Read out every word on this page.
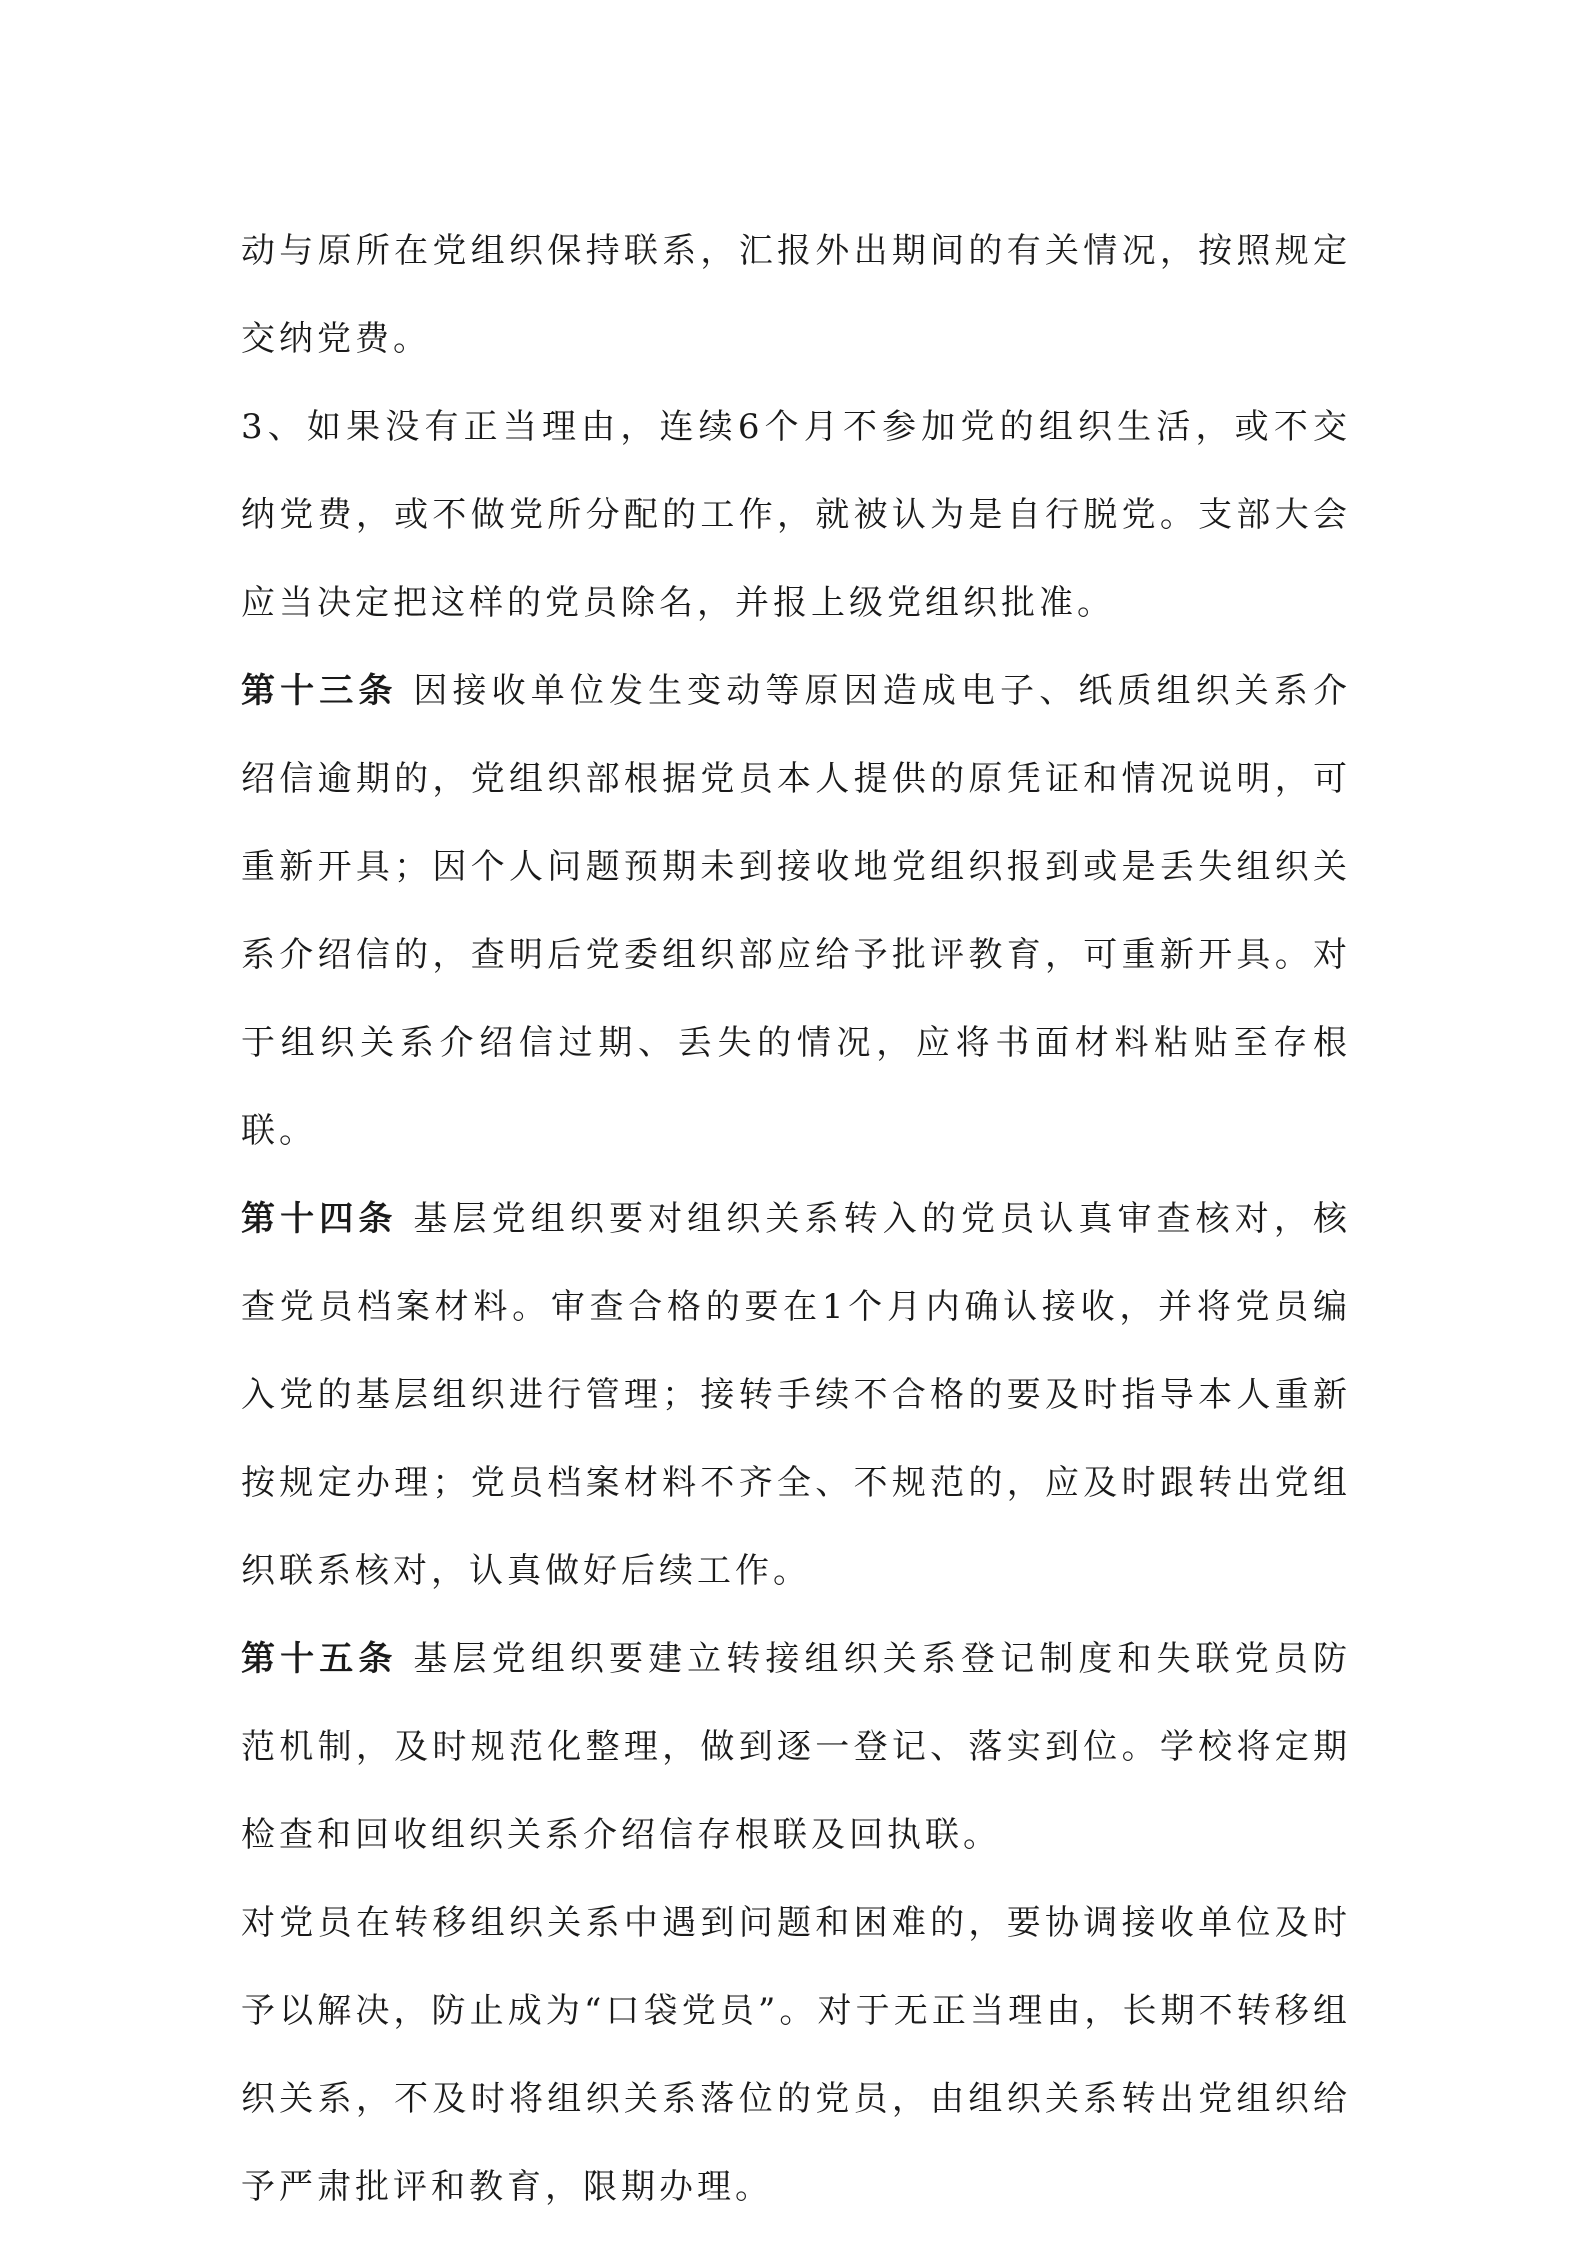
动与原所在党组织保持联系，汇报外出期间的有关情况，按照规定交纳党费。

3、如果没有正当理由，连续6个月不参加党的组织生活，或不交纳党费，或不做党所分配的工作，就被认为是自行脱党。支部大会应当决定把这样的党员除名，并报上级党组织批准。

第十三条 因接收单位发生变动等原因造成电子、纸质组织关系介绍信逾期的，党组织部根据党员本人提供的原凭证和情况说明，可重新开具；因个人问题预期未到接收地党组织报到或是丢失组织关系介绍信的，查明后党委组织部应给予批评教育，可重新开具。对于组织关系介绍信过期、丢失的情况，应将书面材料粘贴至存根联。

第十四条 基层党组织要对组织关系转入的党员认真审查核对，核查党员档案材料。审查合格的要在1个月内确认接收，并将党员编入党的基层组织进行管理；接转手续不合格的要及时指导本人重新按规定办理；党员档案材料不齐全、不规范的，应及时跟转出党组织联系核对，认真做好后续工作。

第十五条 基层党组织要建立转接组织关系登记制度和失联党员防范机制，及时规范化整理，做到逐一登记、落实到位。学校将定期检查和回收组织关系介绍信存根联及回执联。

对党员在转移组织关系中遇到问题和困难的，要协调接收单位及时予以解决，防止成为“口袋党员”。对于无正当理由，长期不转移组织关系，不及时将组织关系落位的党员，由组织关系转出党组织给予严肃批评和教育，限期办理。
